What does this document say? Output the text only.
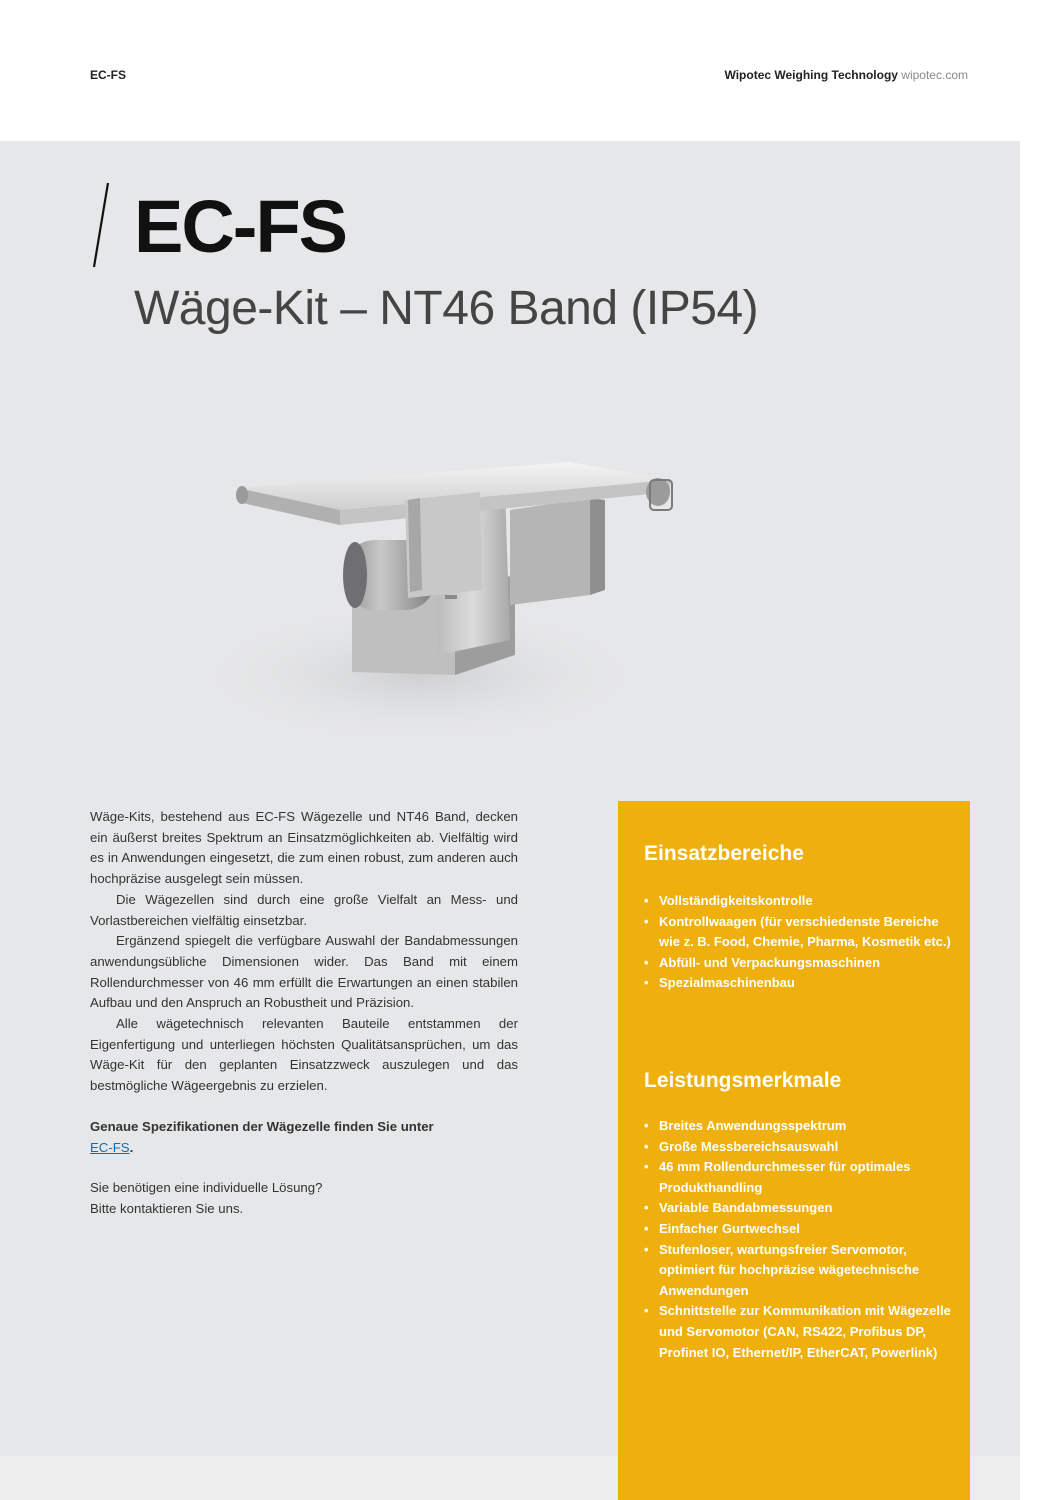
EC-FS	Wipotec Weighing Technology wipotec.com
EC-FS
Wäge-Kit – NT46 Band (IP54)

Wäge-Kits, bestehend aus EC-FS Wägezelle und NT46 Band, decken ein äußerst breites Spektrum an Einsatzmöglichkeiten ab. Vielfältig wird es in Anwendungen eingesetzt, die zum einen robust, zum anderen auch hochpräzise ausgelegt sein müssen.

Die Wägezellen sind durch eine große Vielfalt an Mess- und Vorlastbereichen vielfältig einsetzbar.

Ergänzend spiegelt die verfügbare Auswahl der Bandabmessungen anwendungsübliche Dimensionen wider. Das Band mit einem Rollendurchmesser von 46 mm erfüllt die Erwartungen an einen stabilen Aufbau und den Anspruch an Robustheit und Präzision.

Alle wägetechnisch relevanten Bauteile entstammen der Eigenfertigung und unterliegen höchsten Qualitätsansprüchen, um das Wäge-Kit für den geplanten Einsatzzweck auszulegen und das bestmögliche Wägeergebnis zu erzielen.

Genaue Spezifikationen der Wägezelle finden Sie unter
EC-FS.

Sie benötigen eine individuelle Lösung?
Bitte kontaktieren Sie uns.

Einsatzbereiche
• Vollständigkeitskontrolle
• Kontrollwaagen (für verschiedenste Bereiche wie z. B. Food, Chemie, Pharma, Kosmetik etc.)
• Abfüll- und Verpackungsmaschinen
• Spezialmaschinenbau
Leistungsmerkmale
• Breites Anwendungsspektrum
• Große Messbereichsauswahl
• 46 mm Rollendurchmesser für optimales Produkthandling
• Variable Bandabmessungen
• Einfacher Gurtwechsel
• Stufenloser, wartungsfreier Servomotor, optimiert für hochpräzise wägetechnische Anwendungen
• Schnittstelle zur Kommunikation mit Wägezelle und Servomotor (CAN, RS422, Profibus DP, Profinet IO, Ethernet/IP, EtherCAT, Powerlink)
